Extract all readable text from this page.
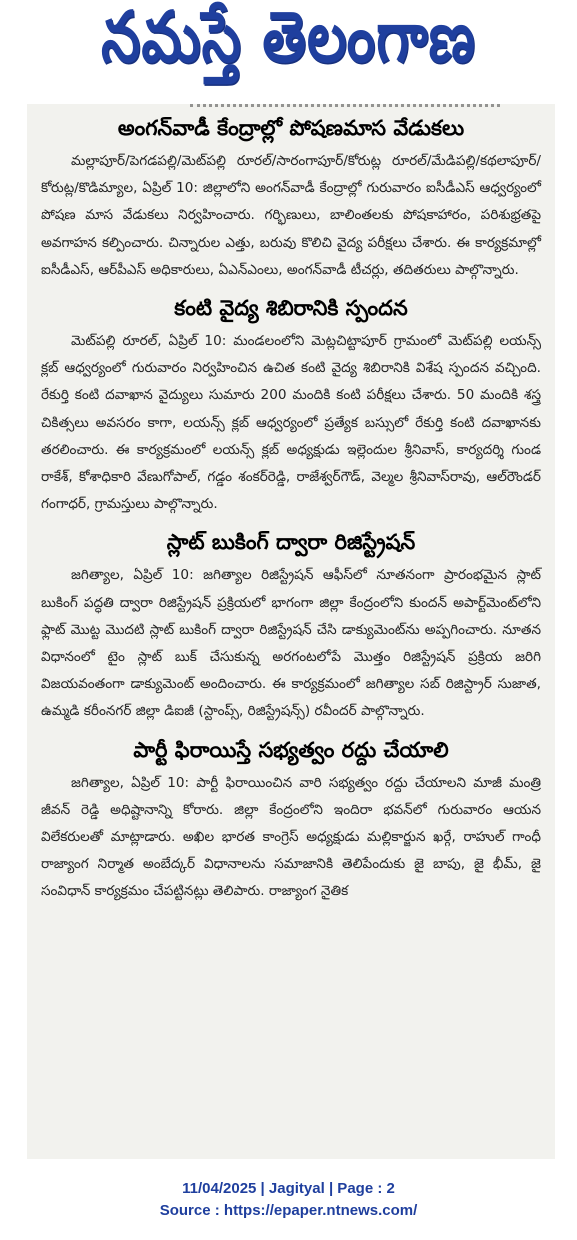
నమస్తే తెలంగాణ
అంగన్‌వాడీ కేంద్రాల్లో పోషణమాస వేడుకలు

మల్లాపూర్/పెగడపల్లి/మెట్‌పల్లి రూరల్/సారంగాపూర్/కోరుట్ల రూరల్/మేడిపల్లి/కథలాపూర్/కోరుట్ల/కొడిమ్యాల, ఏప్రిల్ 10: జిల్లాలోని అంగన్‌వాడీ కేంద్రాల్లో గురువారం ఐసీడీఎస్ ఆధ్వర్యంలో పోషణ మాస వేడుకలు నిర్వహించారు. గర్భిణులు, బాలింతలకు పోషకాహారం, పరిశుభ్రతపై అవగాహన కల్పించారు. చిన్నారుల ఎత్తు, బరువు కొలిచి వైద్య పరీక్షలు చేశారు. ఈ కార్యక్రమాల్లో ఐసీడీఎస్, ఆర్‌పీఎస్ అధికారులు, ఏఎన్‌ఎంలు, అంగన్‌వాడీ టీచర్లు, తదితరులు పాల్గొన్నారు.

కంటి వైద్య శిబిరానికి స్పందన

మెట్‌పల్లి రూరల్, ఏప్రిల్ 10: మండలంలోని మెట్లచిట్టాపూర్ గ్రామంలో మెట్‌పల్లి లయన్స్ క్లబ్ ఆధ్వర్యంలో గురువారం నిర్వహించిన ఉచిత కంటి వైద్య శిబిరానికి విశేష స్పందన వచ్చింది. రేకుర్తి కంటి దవాఖాన వైద్యులు సుమారు 200 మందికి కంటి పరీక్షలు చేశారు. 50 మందికి శస్త్ర చికిత్సలు అవసరం కాగా, లయన్స్ క్లబ్ ఆధ్వర్యంలో ప్రత్యేక బస్సులో రేకుర్తి కంటి దవాఖానకు తరలించారు. ఈ కార్యక్రమంలో లయన్స్ క్లబ్ అధ్యక్షుడు ఇల్లెందుల శ్రీనివాస్, కార్యదర్శి గుండ రాకేశ్, కోశాధికారి వేణుగోపాల్, గడ్డం శంకర్‌రెడ్డి, రాజేశ్వర్‌గౌడ్, వెల్మల శ్రీనివాస్‌రావు, ఆల్‌రౌండర్ గంగాధర్, గ్రామస్తులు పాల్గొన్నారు.

స్లాట్ బుకింగ్ ద్వారా రిజిస్ట్రేషన్

జగిత్యాల, ఏప్రిల్ 10: జగిత్యాల రిజిస్ట్రేషన్ ఆఫీస్‌లో నూతనంగా ప్రారంభమైన స్లాట్ బుకింగ్ పద్ధతి ద్వారా రిజిస్ట్రేషన్ ప్రక్రియలో భాగంగా జిల్లా కేంద్రంలోని కుందన్ అపార్ట్‌మెంట్‌లోని ఫ్లాట్ మొట్ట మొదటి స్లాట్ బుకింగ్ ద్వారా రిజిస్ట్రేషన్ చేసి డాక్యుమెంట్‌ను అప్పగించారు. నూతన విధానంలో టైం స్లాట్ బుక్ చేసుకున్న అరగంటలోపే మొత్తం రిజిస్ట్రేషన్ ప్రక్రియ జరిగి విజయవంతంగా డాక్యుమెంట్ అందించారు. ఈ కార్యక్రమంలో జగిత్యాల సబ్ రిజిస్ట్రార్ సుజాత, ఉమ్మడి కరీంనగర్ జిల్లా డిఐజీ (స్టాంప్స్, రిజిస్ట్రేషన్స్) రవీందర్ పాల్గొన్నారు.

పార్టీ ఫిరాయిస్తే సభ్యత్వం రద్దు చేయాలి

జగిత్యాల, ఏప్రిల్ 10: పార్టీ ఫిరాయించిన వారి సభ్యత్వం రద్దు చేయాలని మాజీ మంత్రి జీవన్ రెడ్డి అధిష్టానాన్ని కోరారు. జిల్లా కేంద్రంలోని ఇందిరా భవన్‌లో గురువారం ఆయన విలేకరులతో మాట్లాడారు. అఖిల భారత కాంగ్రెస్ అధ్యక్షుడు మల్లికార్జున ఖర్గే, రాహుల్ గాంధీ రాజ్యాంగ నిర్మాత అంబేద్కర్ విధానాలను సమాజానికి తెలిపేందుకు జై బాపు, జై భీమ్, జై సంవిధాన్ కార్యక్రమం చేపట్టినట్లు తెలిపారు. రాజ్యాంగ నైతిక

11/04/2025 | Jagityal | Page : 2
Source : https://epaper.ntnews.com/
